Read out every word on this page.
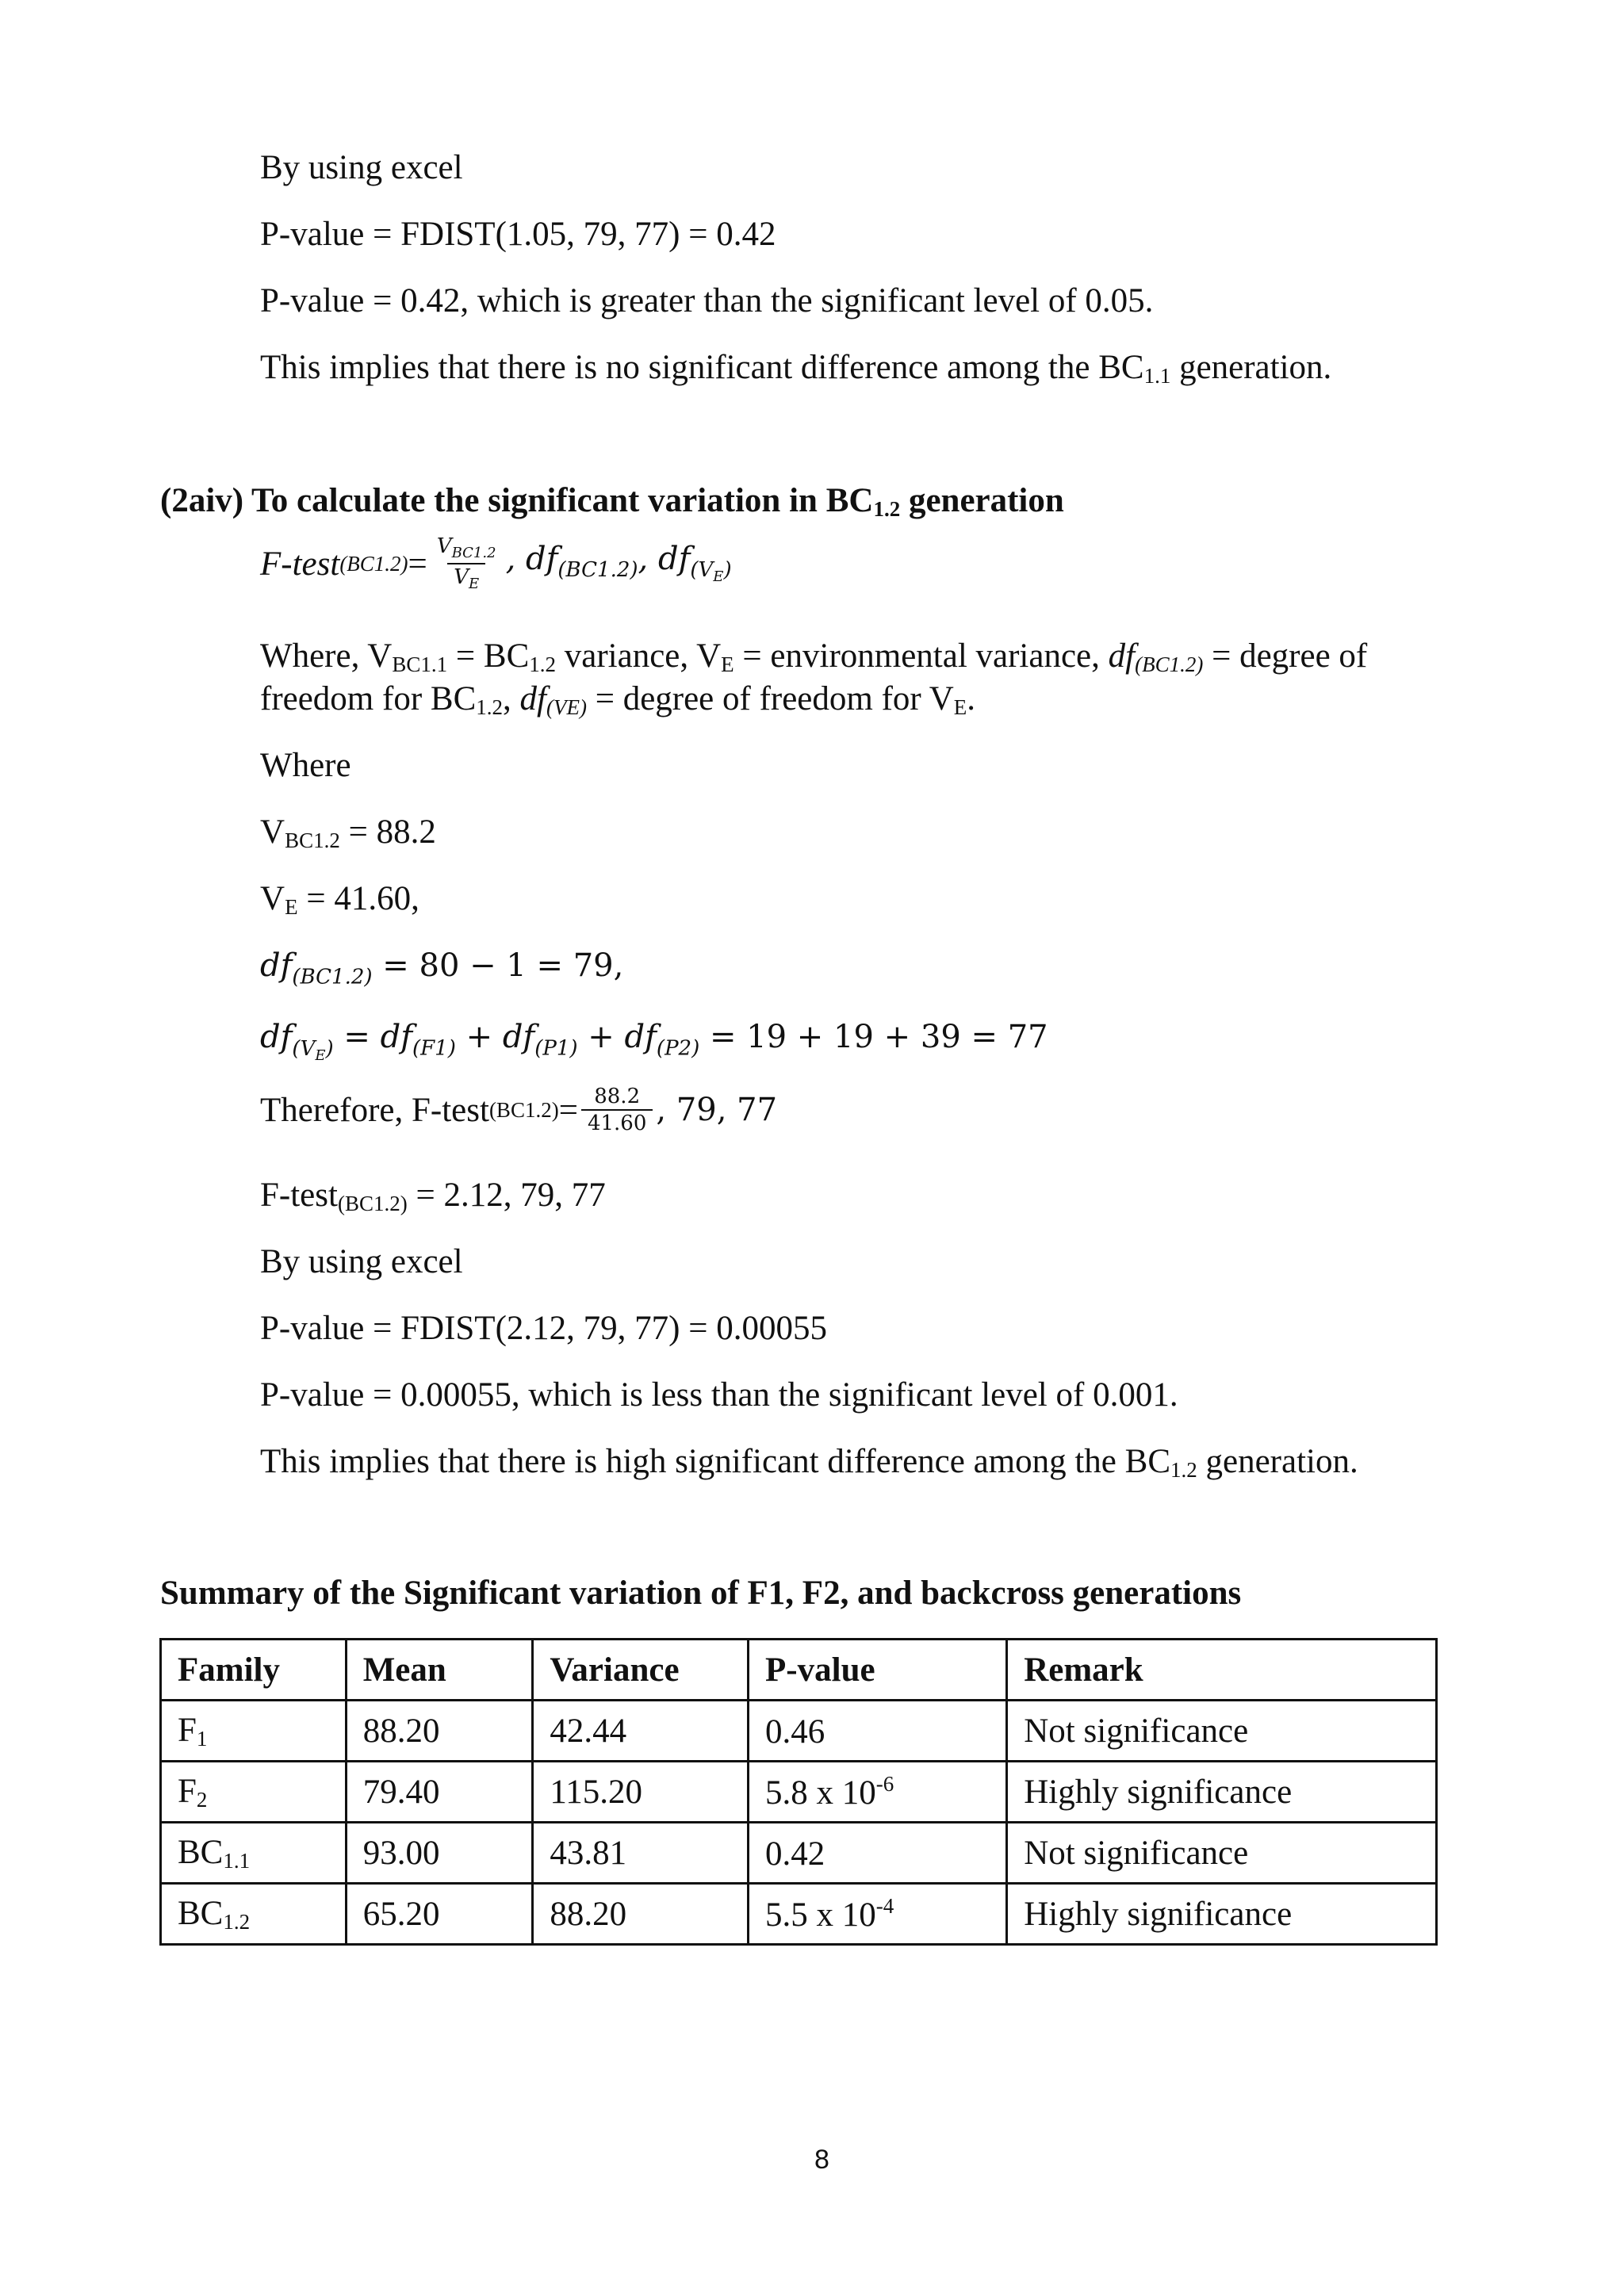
By using excel
P-value = FDIST(1.05, 79, 77) = 0.42
P-value = 0.42, which is greater than the significant level of 0.05.
This implies that there is no significant difference among the $BC_{1.1}$ generation.
(2aiv) To calculate the significant variation in $BC_{1.2}$ generation
F-test $(BC1.2) = \frac{V_{BC1.2}}{V_E}$ , $df_{(BC1.2)}$, $df_{(V_E)}$
Where, $V_{BC1.1} = BC_{1.2}$ variance, $V_E$ = environmental variance, $df_{(BC1.2)}$ = degree of
freedom for $BC_{1.2}$, $df_{(VE)}$ = degree of freedom for $V_E$.
Where
$V_{BC1.2} = 88.2$
$V_E = 41.60$,
$df_{(BC1.2)} = 80 - 1 = 79$,
$df_{(V_E)} = df_{(F1)} + df_{(P1)} + df_{(P2)} = 19 + 19 + 39 = 77$
Therefore, F-test $(BC1.2) = \frac{88.2}{41.60}$ , 79, 77
F-test$_{(BC1.2)}$ = 2.12, 79, 77
By using excel
P-value = FDIST(2.12, 79, 77) = 0.00055
P-value = 0.00055, which is less than the significant level of 0.001.
This implies that there is high significant difference among the $BC_{1.2}$ generation.
Summary of the Significant variation of F1, F2, and backcross generations
Family	Mean	Variance	P-value	Remark
$F_1$	88.20	42.44	0.46	Not significance
$F_2$	79.40	115.20	5.8 x $10^{-6}$	Highly significance
$BC_{1.1}$	93.00	43.81	0.42	Not significance
$BC_{1.2}$	65.20	88.20	5.5 x $10^{-4}$	Highly significance
8
